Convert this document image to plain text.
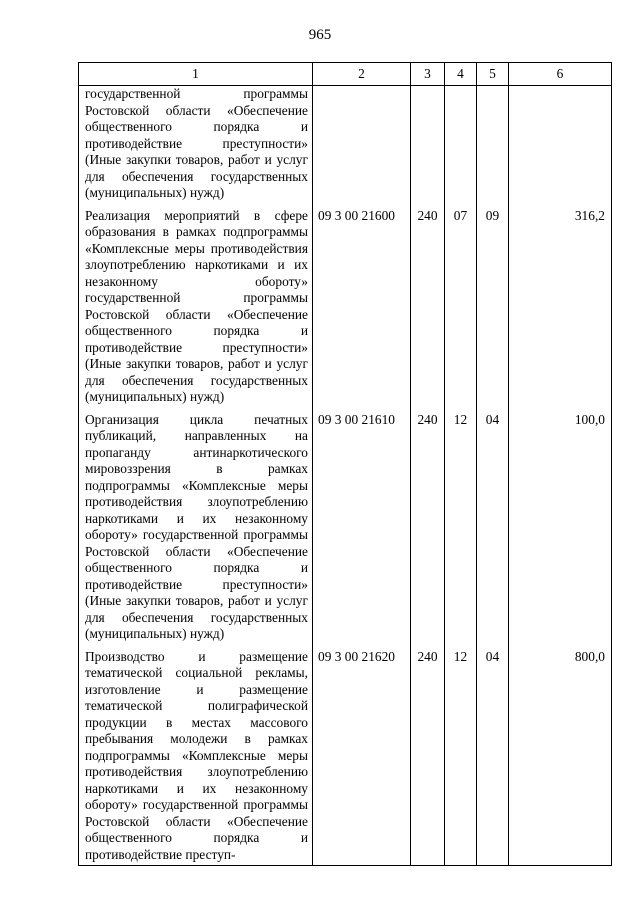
965
1	2	3	4	5	6
государственной программы Ростовской области «Обеспечение общественного порядка и противодействие преступности» (Иные закупки товаров, работ и услуг для обеспечения государственных (муниципальных) нужд)					
Реализация мероприятий в сфере образования в рамках подпрограммы «Комплексные меры противодействия злоупотреблению наркотиками и их незаконному обороту» государственной программы Ростовской области «Обеспечение общественного порядка и противодействие преступности» (Иные закупки товаров, работ и услуг для обеспечения государственных (муниципальных) нужд)	09 3 00 21600	240	07	09	316,2
Организация цикла печатных публикаций, направленных на пропаганду антинаркотического мировоззрения в рамках подпрограммы «Комплексные меры противодействия злоупотреблению наркотиками и их незаконному обороту» государственной программы Ростовской области «Обеспечение общественного порядка и противодействие преступности» (Иные закупки товаров, работ и услуг для обеспечения государственных (муниципальных) нужд)	09 3 00 21610	240	12	04	100,0
Производство и размещение тематической социальной рекламы, изготовление и размещение тематической полиграфической продукции в местах массового пребывания молодежи в рамках подпрограммы «Комплексные меры противодействия злоупотреблению наркотиками и их незаконному обороту» государственной программы Ростовской области «Обеспечение общественного порядка и противодействие преступ-	09 3 00 21620	240	12	04	800,0
